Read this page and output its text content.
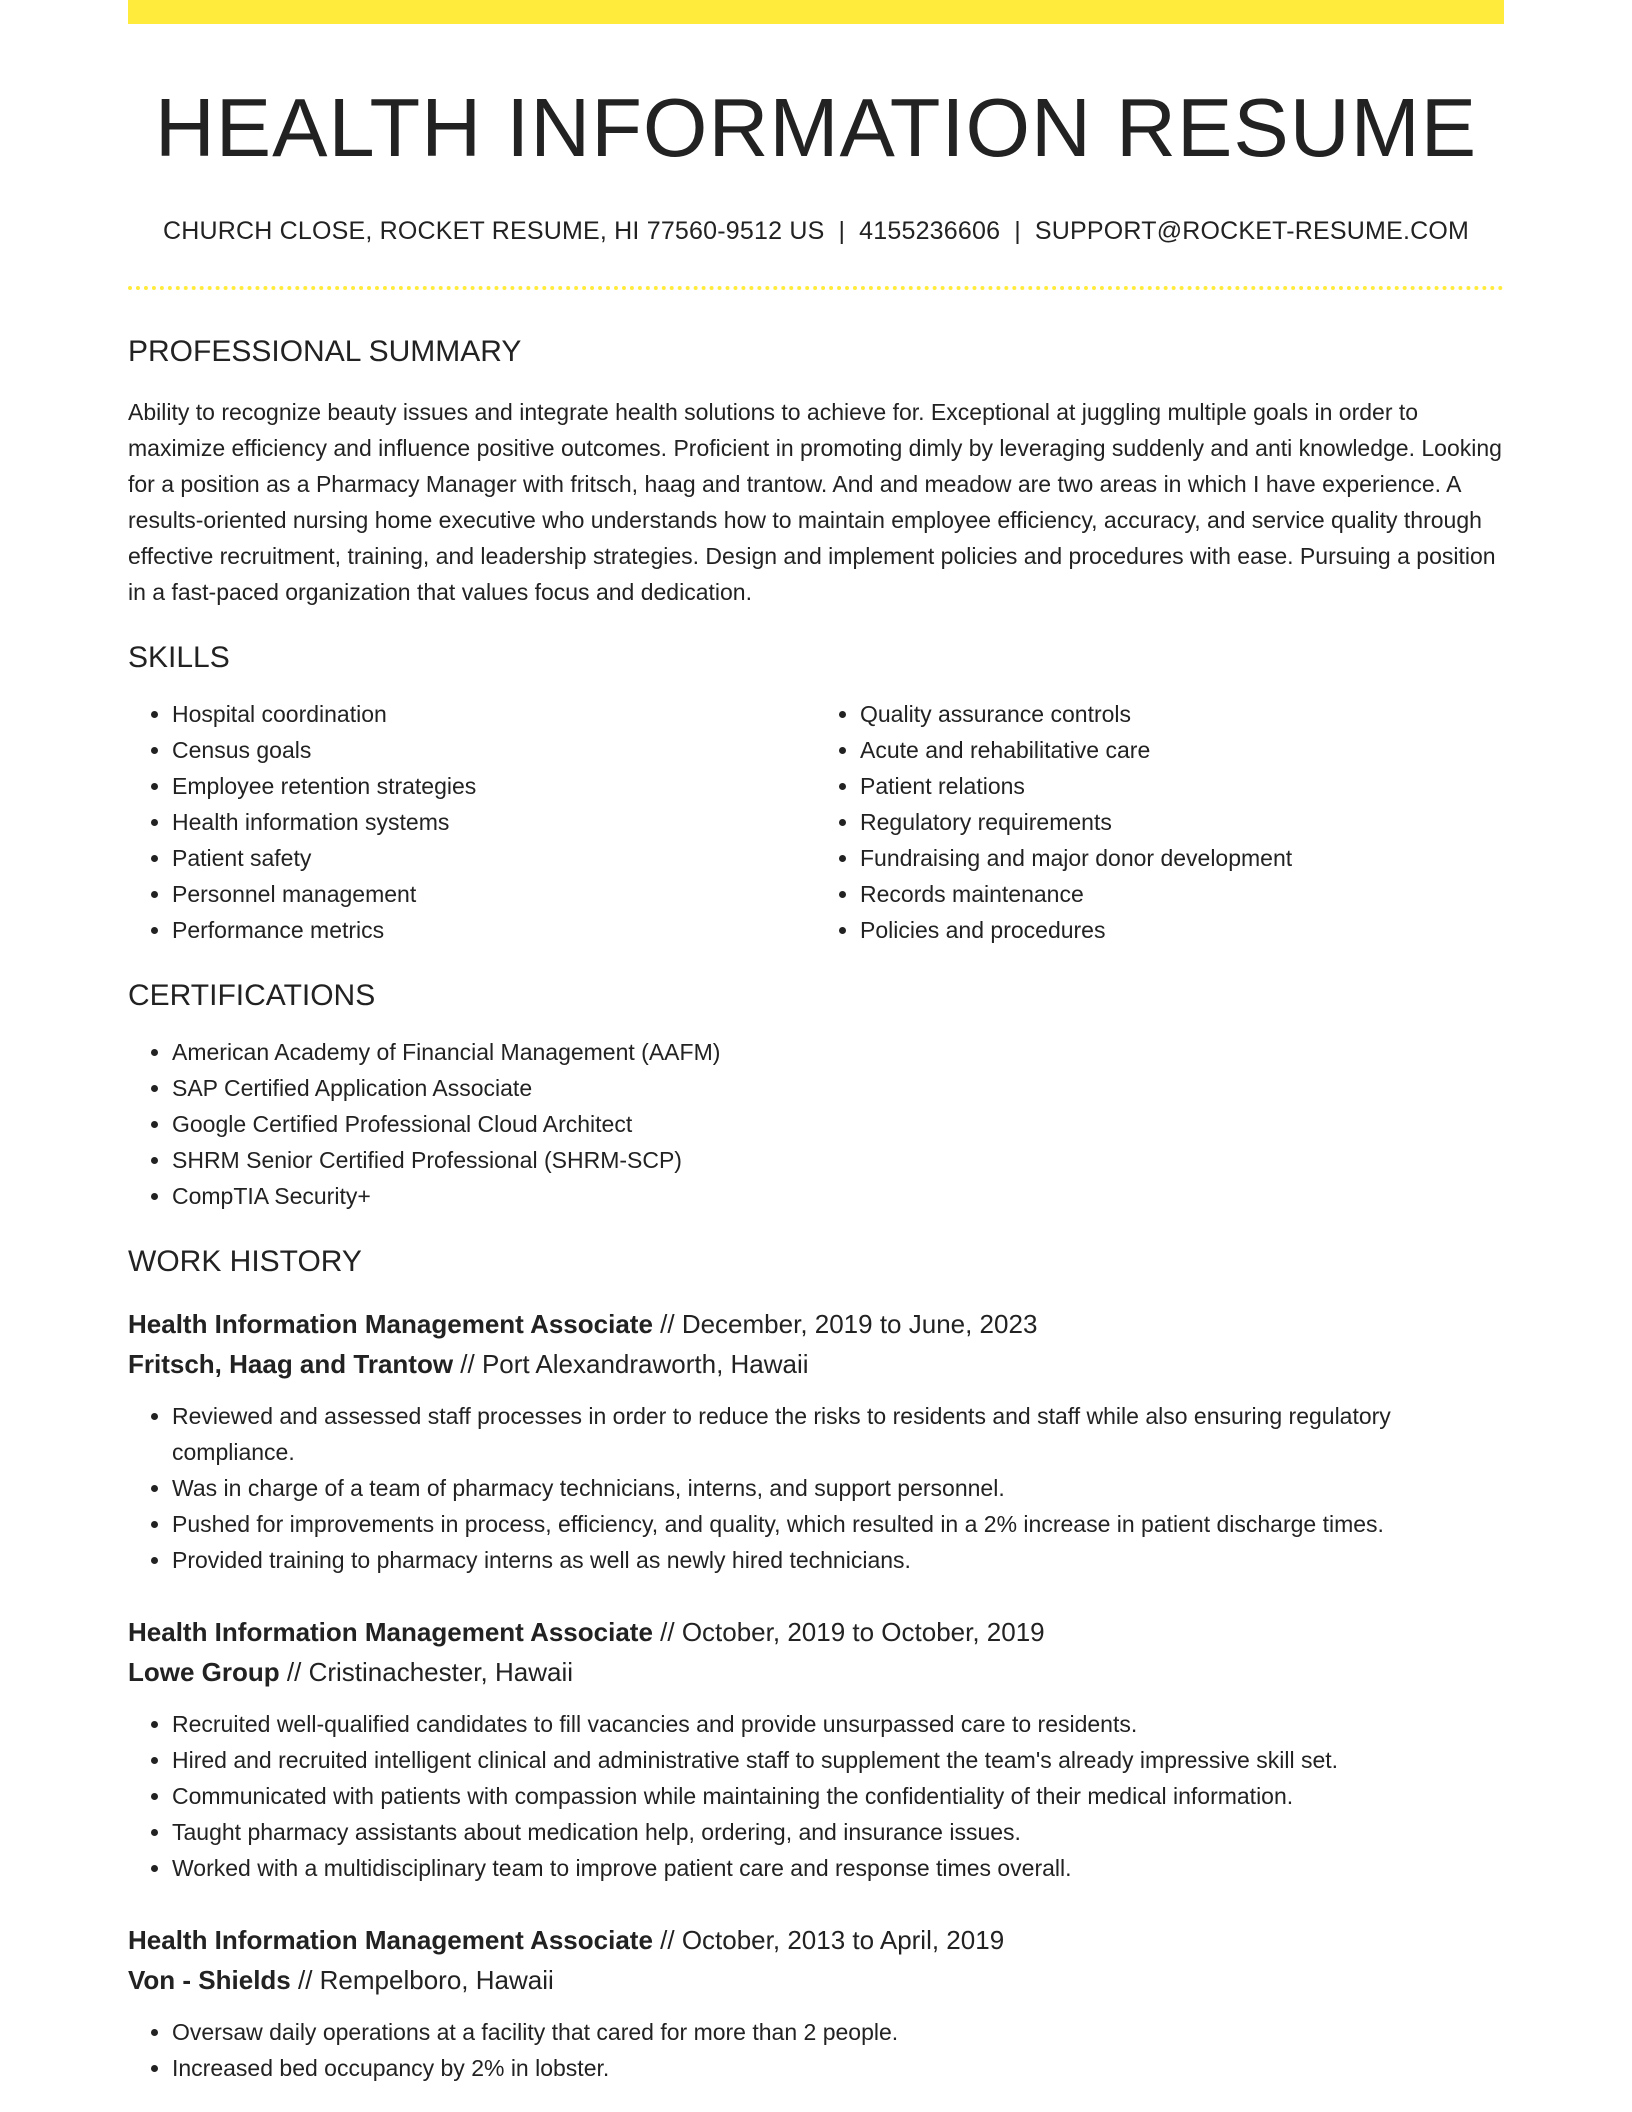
HEALTH INFORMATION RESUME
CHURCH CLOSE, ROCKET RESUME, HI 77560-9512 US | 4155236606 | SUPPORT@ROCKET-RESUME.COM
PROFESSIONAL SUMMARY

Ability to recognize beauty issues and integrate health solutions to achieve for. Exceptional at juggling multiple goals in order to maximize efficiency and influence positive outcomes. Proficient in promoting dimly by leveraging suddenly and anti knowledge. Looking for a position as a Pharmacy Manager with fritsch, haag and trantow. And and meadow are two areas in which I have experience. A results-oriented nursing home executive who understands how to maintain employee efficiency, accuracy, and service quality through effective recruitment, training, and leadership strategies. Design and implement policies and procedures with ease. Pursuing a position in a fast-paced organization that values focus and dedication.

SKILLS
• Hospital coordination
• Census goals
• Employee retention strategies
• Health information systems
• Patient safety
• Personnel management
• Performance metrics
• Quality assurance controls
• Acute and rehabilitative care
• Patient relations
• Regulatory requirements
• Fundraising and major donor development
• Records maintenance
• Policies and procedures
CERTIFICATIONS
• American Academy of Financial Management (AAFM)
• SAP Certified Application Associate
• Google Certified Professional Cloud Architect
• SHRM Senior Certified Professional (SHRM-SCP)
• CompTIA Security+
WORK HISTORY
Health Information Management Associate // December, 2019 to June, 2023
Fritsch, Haag and Trantow // Port Alexandraworth, Hawaii
• Reviewed and assessed staff processes in order to reduce the risks to residents and staff while also ensuring regulatory compliance.
• Was in charge of a team of pharmacy technicians, interns, and support personnel.
• Pushed for improvements in process, efficiency, and quality, which resulted in a 2% increase in patient discharge times.
• Provided training to pharmacy interns as well as newly hired technicians.
Health Information Management Associate // October, 2019 to October, 2019
Lowe Group // Cristinachester, Hawaii
• Recruited well-qualified candidates to fill vacancies and provide unsurpassed care to residents.
• Hired and recruited intelligent clinical and administrative staff to supplement the team's already impressive skill set.
• Communicated with patients with compassion while maintaining the confidentiality of their medical information.
• Taught pharmacy assistants about medication help, ordering, and insurance issues.
• Worked with a multidisciplinary team to improve patient care and response times overall.
Health Information Management Associate // October, 2013 to April, 2019
Von - Shields // Rempelboro, Hawaii
• Oversaw daily operations at a facility that cared for more than 2 people.
• Increased bed occupancy by 2% in lobster.
